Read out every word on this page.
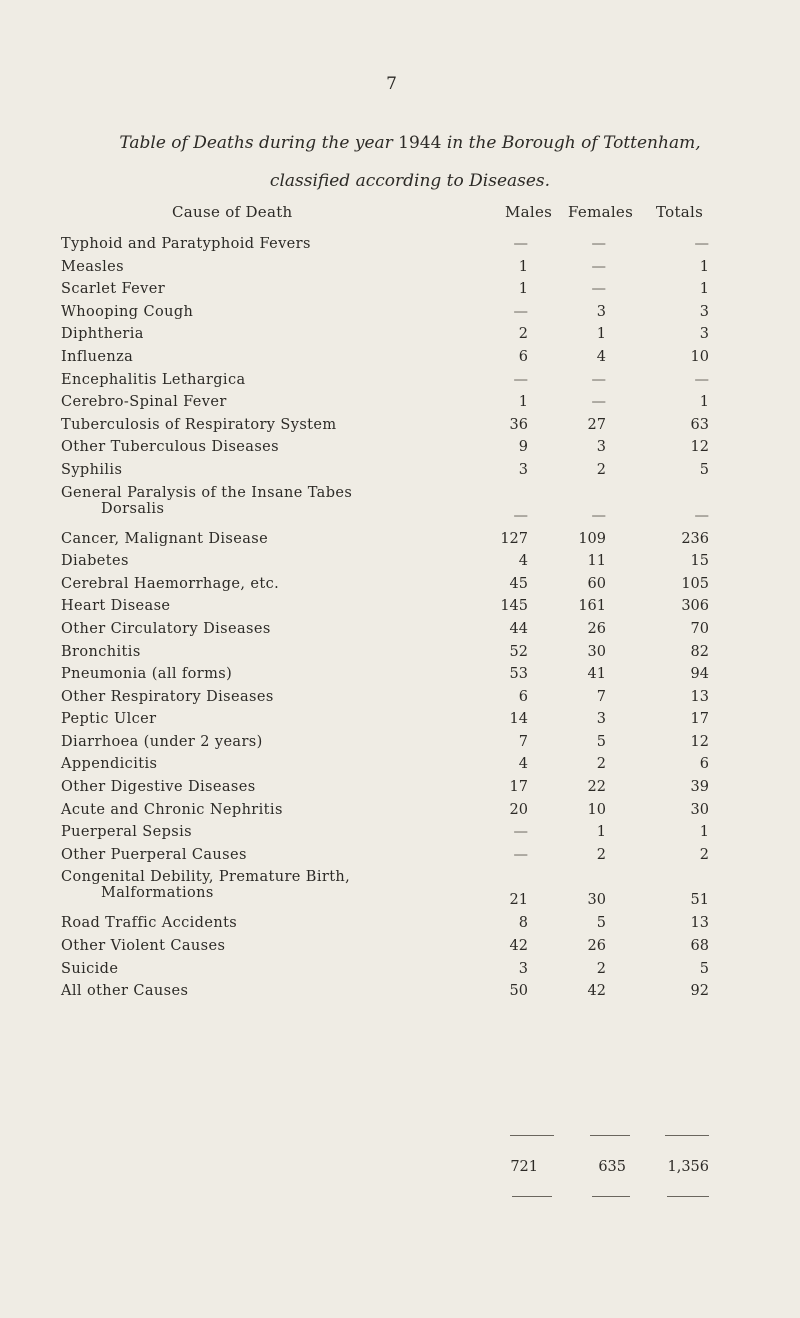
7
Table of Deaths during the year 1944 in the Borough of Tottenham,
classified according to Diseases.
Cause of Death	Males Females Totals
Typhoid and Paratyphoid Fevers	—	—	—
Measles	1	—	1
Scarlet Fever	1	—	1
Whooping Cough	—	3	3
Diphtheria	2	1	3
Influenza	6	4	10
Encephalitis Lethargica	—	—	—
Cerebro-Spinal Fever	1	—	1
Tuberculosis of Respiratory System	36	27	63
Other Tuberculous Diseases	9	3	12
Syphilis	3	2	5
General Paralysis of the Insane Tabes
Dorsalis	—	—	—
Cancer, Malignant Disease	127	109	236
Diabetes	4	11	15
Cerebral Haemorrhage, etc.	45	60	105
Heart Disease	145	161	306
Other Circulatory Diseases	44	26	70
Bronchitis	52	30	82
Pneumonia (all forms)	53	41	94
Other Respiratory Diseases	6	7	13
Peptic Ulcer	14	3	17
Diarrhoea (under 2 years)	7	5	12
Appendicitis	4	2	6
Other Digestive Diseases	17	22	39
Acute and Chronic Nephritis	20	10	30
Puerperal Sepsis	—	1	1
Other Puerperal Causes	—	2	2
Congenital Debility, Premature Birth,
Malformations	21	30	51
Road Traffic Accidents	8	5	13
Other Violent Causes	42	26	68
Suicide	3	2	5
All other Causes	50	42	92
721	635	1,356
